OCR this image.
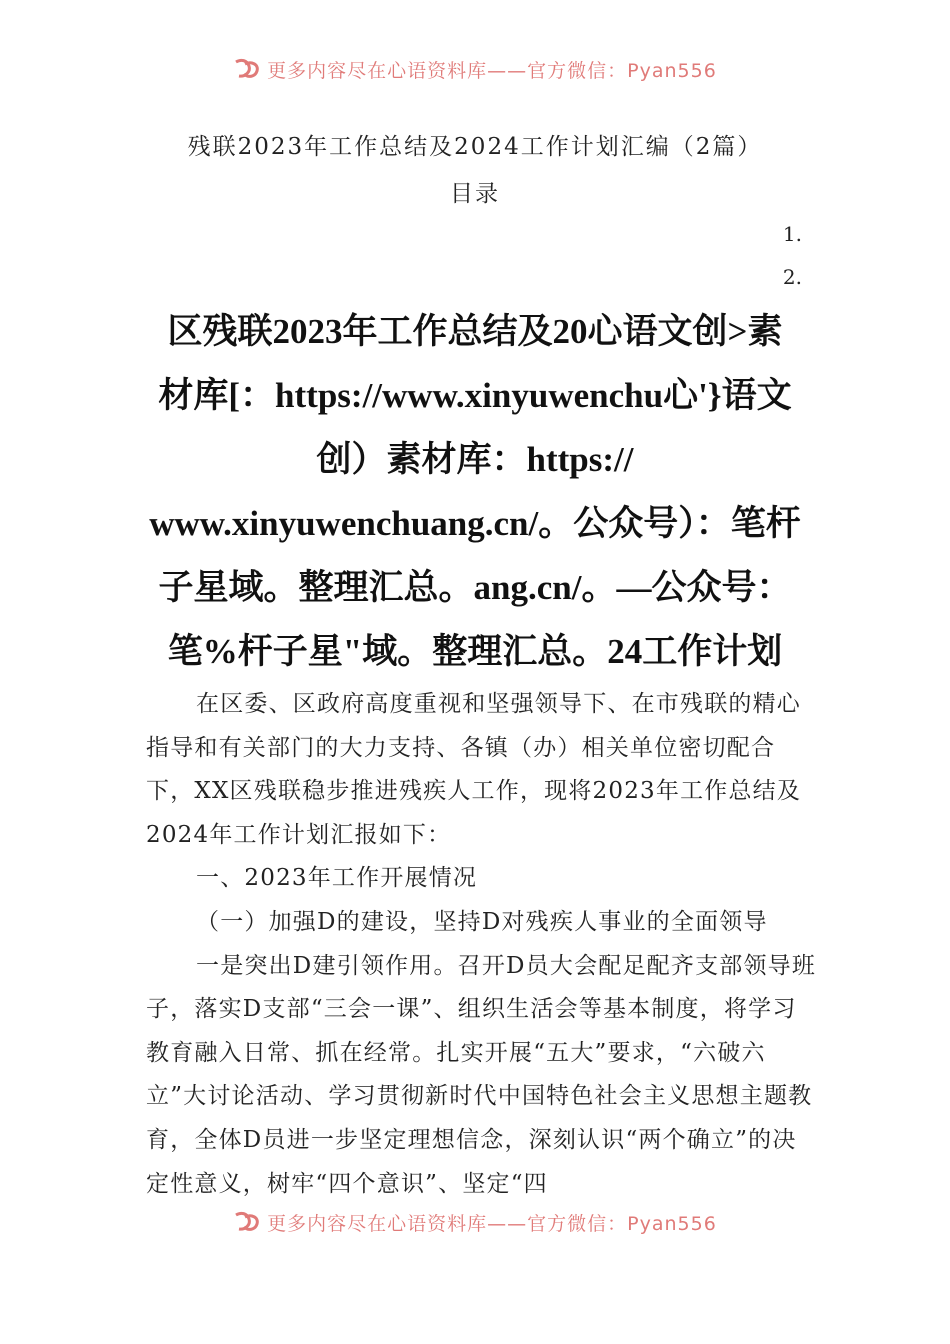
更多内容尽在心语资料库——官方微信：Pyan556
残联2023年工作总结及2024工作计划汇编（2篇）
目录
1.
2.
区残联2023年工作总结及20心语文创>素
材库[：https://www.xinyuwenchu心'}语文
创）素材库：https://
www.xinyuwenchuang.cn/。公众号）：笔杆
子星域。整理汇总。ang.cn/。—公众号：
笔%杆子星"域。整理汇总。24工作计划

在区委、区政府高度重视和坚强领导下、在市残联的精心指导和有关部门的大力支持、各镇（办）相关单位密切配合下，XX区残联稳步推进残疾人工作，现将2023年工作总结及2024年工作计划汇报如下：

一、2023年工作开展情况

（一）加强D的建设，坚持D对残疾人事业的全面领导

一是突出D建引领作用。召开D员大会配足配齐支部领导班子，落实D支部“三会一课”、组织生活会等基本制度，将学习教育融入日常、抓在经常。扎实开展“五大”要求，“六破六立”大讨论活动、学习贯彻新时代中国特色社会主义思想主题教育，全体D员进一步坚定理想信念，深刻认识“两个确立”的决定性意义，树牢“四个意识”、坚定“四

更多内容尽在心语资料库——官方微信：Pyan556
